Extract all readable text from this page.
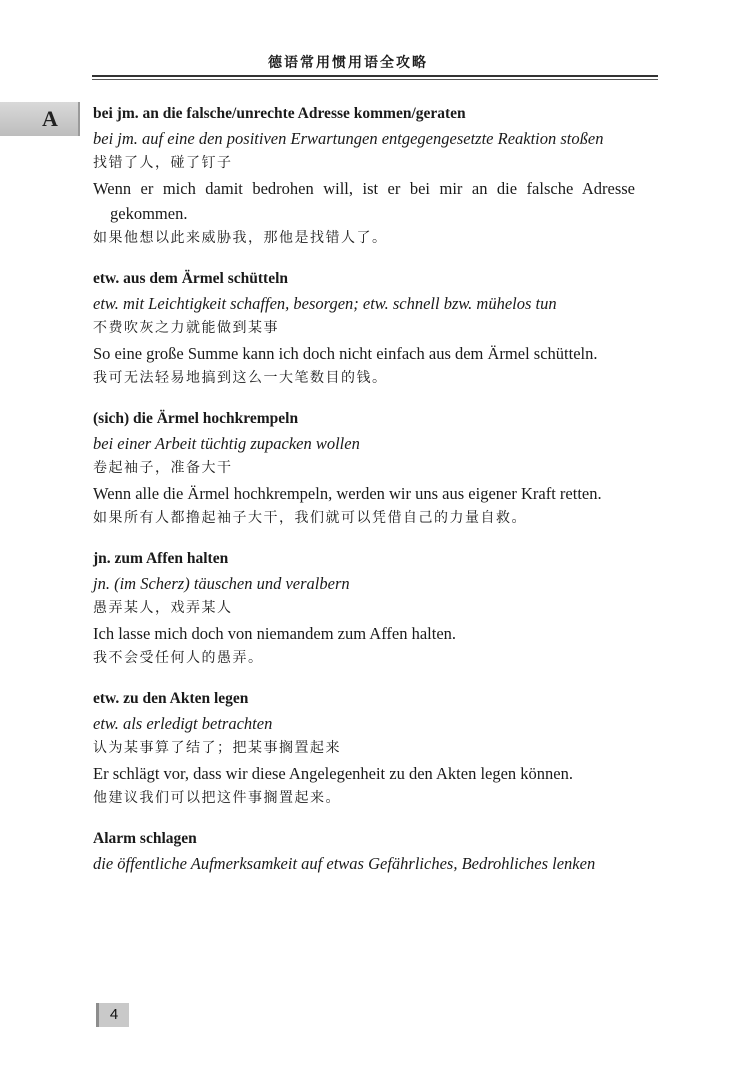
德语常用惯用语全攻略
A bei jm. an die falsche/unrechte Adresse kommen/geraten
bei jm. auf eine den positiven Erwartungen entgegengesetzte Reaktion stoßen
找错了人，碰了钉子
Wenn er mich damit bedrohen will, ist er bei mir an die falsche Adresse gekommen.
如果他想以此来威胁我，那他是找错人了。
etw. aus dem Ärmel schütteln
etw. mit Leichtigkeit schaffen, besorgen; etw. schnell bzw. mühelos tun
不费吹灰之力就能做到某事
So eine große Summe kann ich doch nicht einfach aus dem Ärmel schütteln.
我可无法轻易地搞到这么一大笔数目的钱。
(sich) die Ärmel hochkrempeln
bei einer Arbeit tüchtig zupacken wollen
卷起袖子，准备大干
Wenn alle die Ärmel hochkrempeln, werden wir uns aus eigener Kraft retten.
如果所有人都撸起袖子大干，我们就可以凭借自己的力量自救。
jn. zum Affen halten
jn. (im Scherz) täuschen und veralbern
愚弄某人，戏弄某人
Ich lasse mich doch von niemandem zum Affen halten.
我不会受任何人的愚弄。
etw. zu den Akten legen
etw. als erledigt betrachten
认为某事算了结了；把某事搁置起来
Er schlägt vor, dass wir diese Angelegenheit zu den Akten legen können.
他建议我们可以把这件事搁置起来。
Alarm schlagen
die öffentliche Aufmerksamkeit auf etwas Gefährliches, Bedrohliches lenken
4
